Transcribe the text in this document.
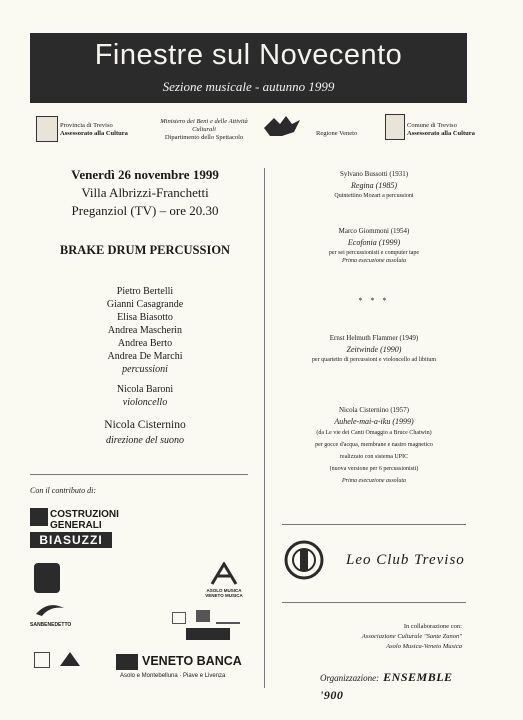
Finestre sul Novecento
Sezione musicale - autunno 1999
Provincia di Treviso
Assessorato alla Cultura
Ministero dei Beni e delle Attività Culturali
Dipartimento dello Spettacolo
Regione Veneto
Comune di Treviso
Assessorato alla Cultura
Venerdì 26 novembre 1999
Villa Albrizzi-Franchetti
Preganziol (TV) – ore 20.30
BRAKE DRUM PERCUSSION
Pietro Bertelli
Gianni Casagrande
Elisa Biasotto
Andrea Mascherin
Andrea Berto
Andrea De Marchi
percussioni
Nicola Baroni
violoncello
Nicola Cisternino
direzione del suono
Con il contributo di:
COSTRUZIONI
GENERALI
BIASUZZI
ASOLO MUSICA
VENETO MUSICA
SANBENEDETTO
VENETO BANCA
Asolo e Montebelluna · Piave e Livenza
Sylvano Bussotti (1931)
Regina (1985)
Quintettino Mozart a percussioni
Marco Giommoni (1954)
Ecofonia (1999)
per sei percussionisti e computer tape
Prima esecuzione assoluta
* * *
Ernst Helmuth Flammer (1949)
Zeitwinde (1990)
per quartetto di percussioni e violoncello ad libitum
Nicola Cisternino (1957)
Auhele-mai-a-iku (1999)
(da Le vie dei Canti Omaggio a Bruce Chatwin)
per gocce d'acqua, membrane e nastro magnetico
realizzato con sistema UPIC
(nuova versione per 6 percussionisti)
Prima esecuzione assoluta
Leo Club Treviso
In collaborazione con:
Associazione Culturale "Sante Zanon"
Asolo Musica-Veneto Musica
Organizzazione: ENSEMBLE '900
